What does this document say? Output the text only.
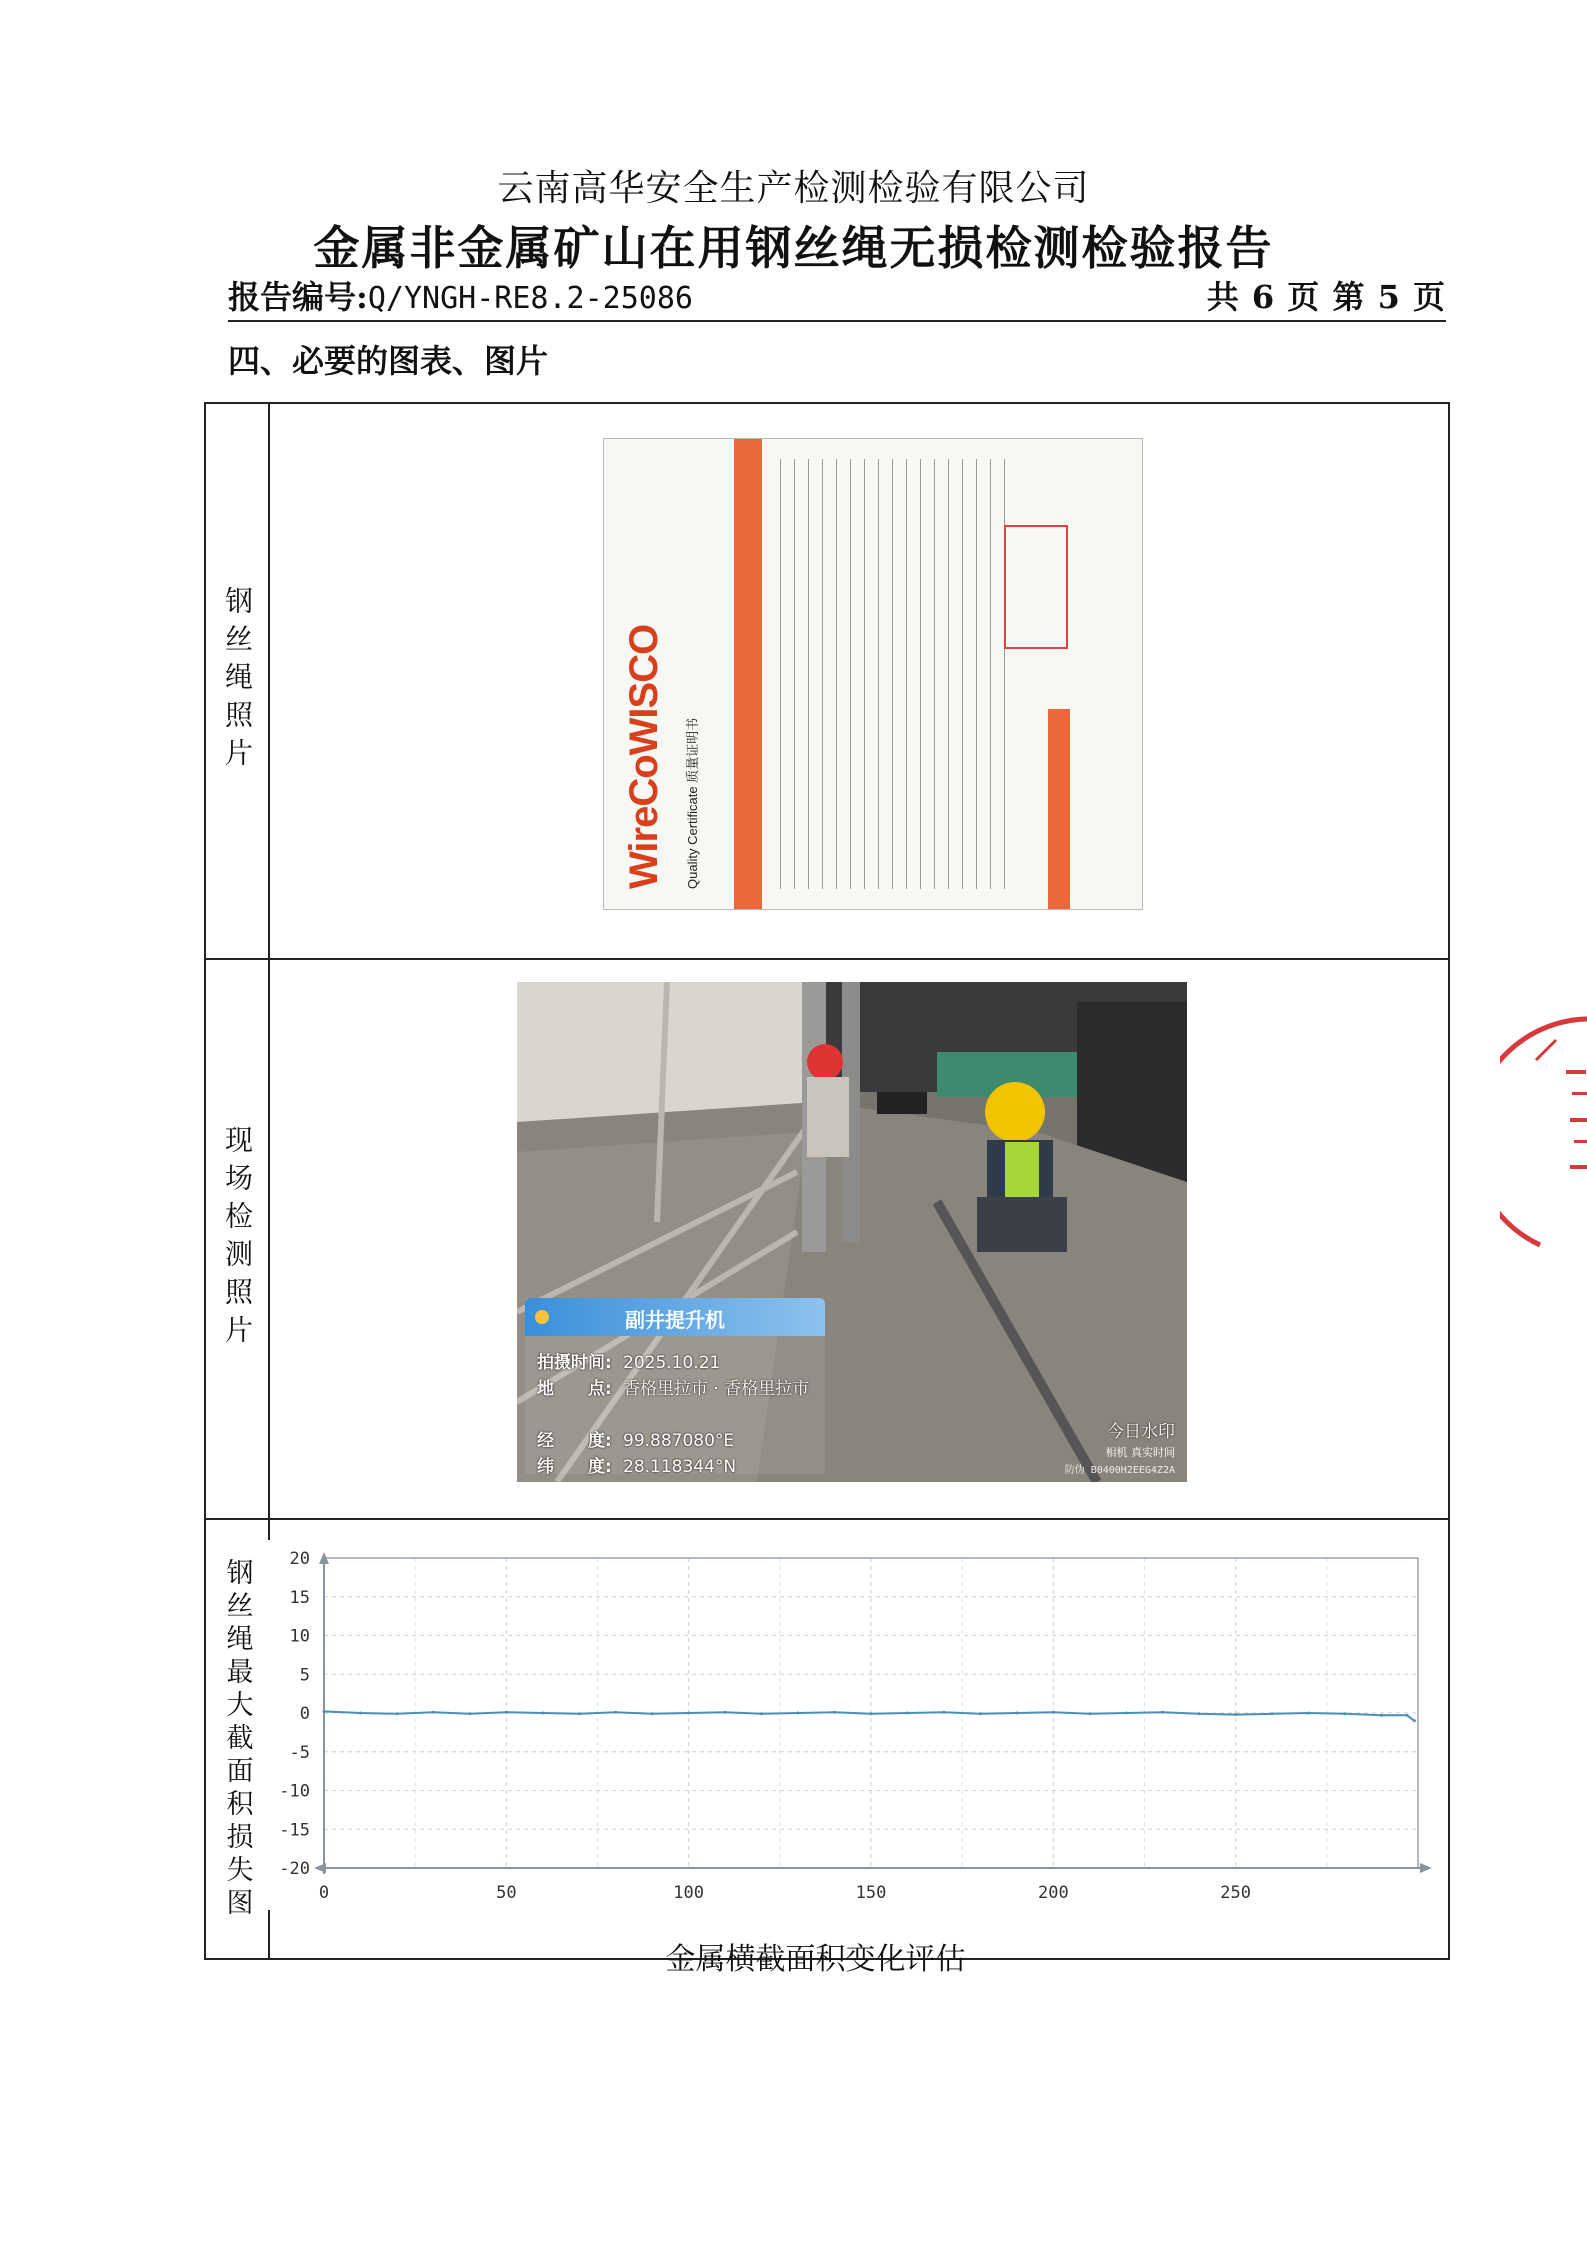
云南高华安全生产检测检验有限公司
金属非金属矿山在用钢丝绳无损检测检验报告
报告编号:Q/YNGH-RE8.2-25086	共 6 页 第 5 页
四、必要的图表、图片
钢丝绳照片
现场检测照片
钢丝绳最大截面积损失图
WireCoWISCO Quality Certificate 质量证明书
副井提升机
拍摄时间: 2025.10.21
地　　点: 香格里拉市 · 香格里拉市
经　　度: 99.887080°E
纬　　度: 28.118344°N
今日水印
相机 真实时间
防伪 B0400H2EEG4Z2A
20
15
10
5
0
-5
-10
-15
-20
0	50	100	150	200	250
金属横截面积变化评估
